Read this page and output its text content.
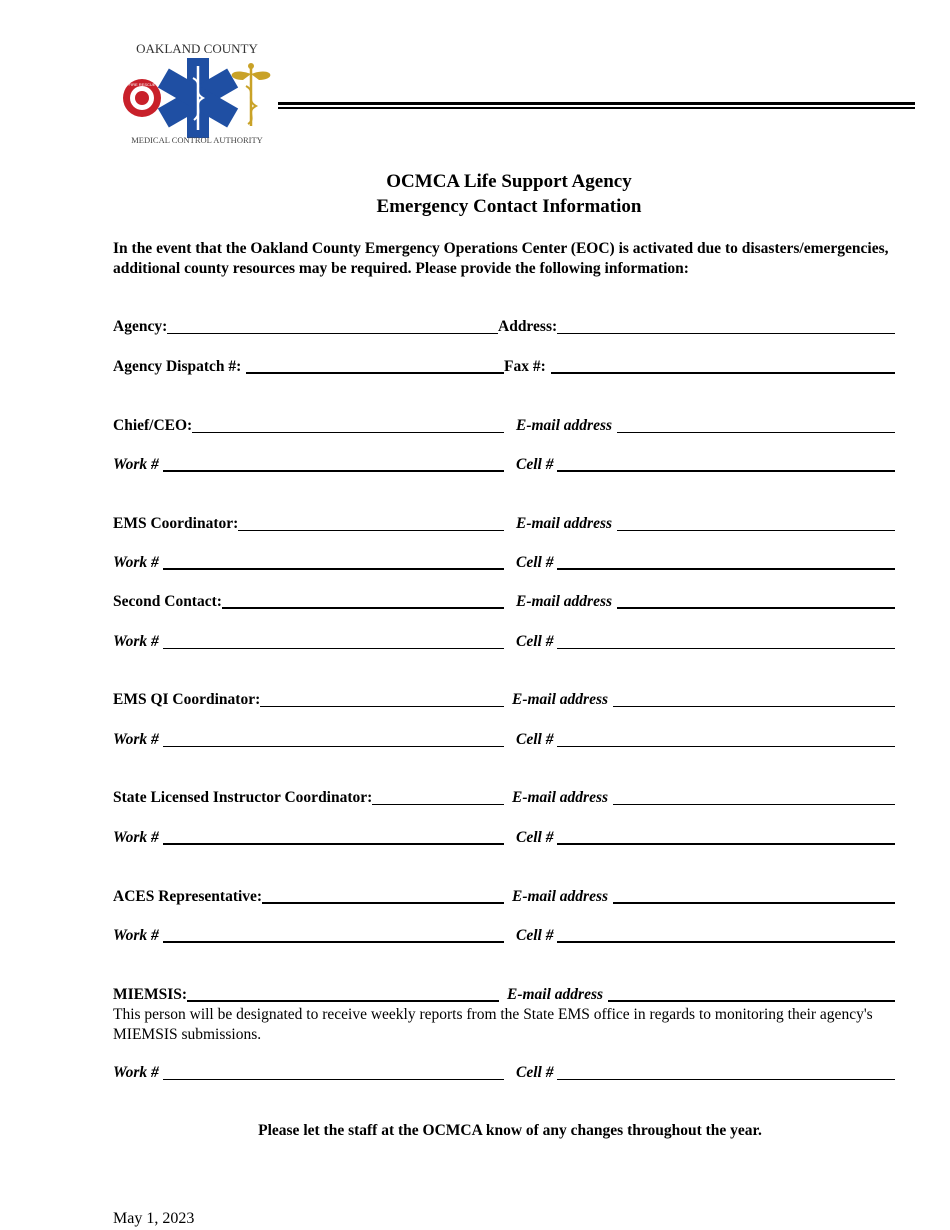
OAKLAND COUNTY
FIRE RESCUE
MEDICAL CONTROL AUTHORITY
OCMCA Life Support Agency
Emergency Contact Information
In the event that the Oakland County Emergency Operations Center (EOC) is activated due to disasters/emergencies, additional county resources may be required. Please provide the following information:
Agency:	Address:
Agency Dispatch #:	Fax #:
Chief/CEO:	E-mail address
Work #	Cell #
EMS Coordinator:	E-mail address
Work #	Cell #
Second Contact:	E-mail address
Work #	Cell #
EMS QI Coordinator:	E-mail address
Work #	Cell #
State Licensed Instructor Coordinator:	E-mail address
Work #	Cell #
ACES Representative:	E-mail address
Work #	Cell #
MIEMSIS:	E-mail address
This person will be designated to receive weekly reports from the State EMS office in regards to monitoring their agency's MIEMSIS submissions.
Work #	Cell #
Please let the staff at the OCMCA know of any changes throughout the year.
May 1, 2023
